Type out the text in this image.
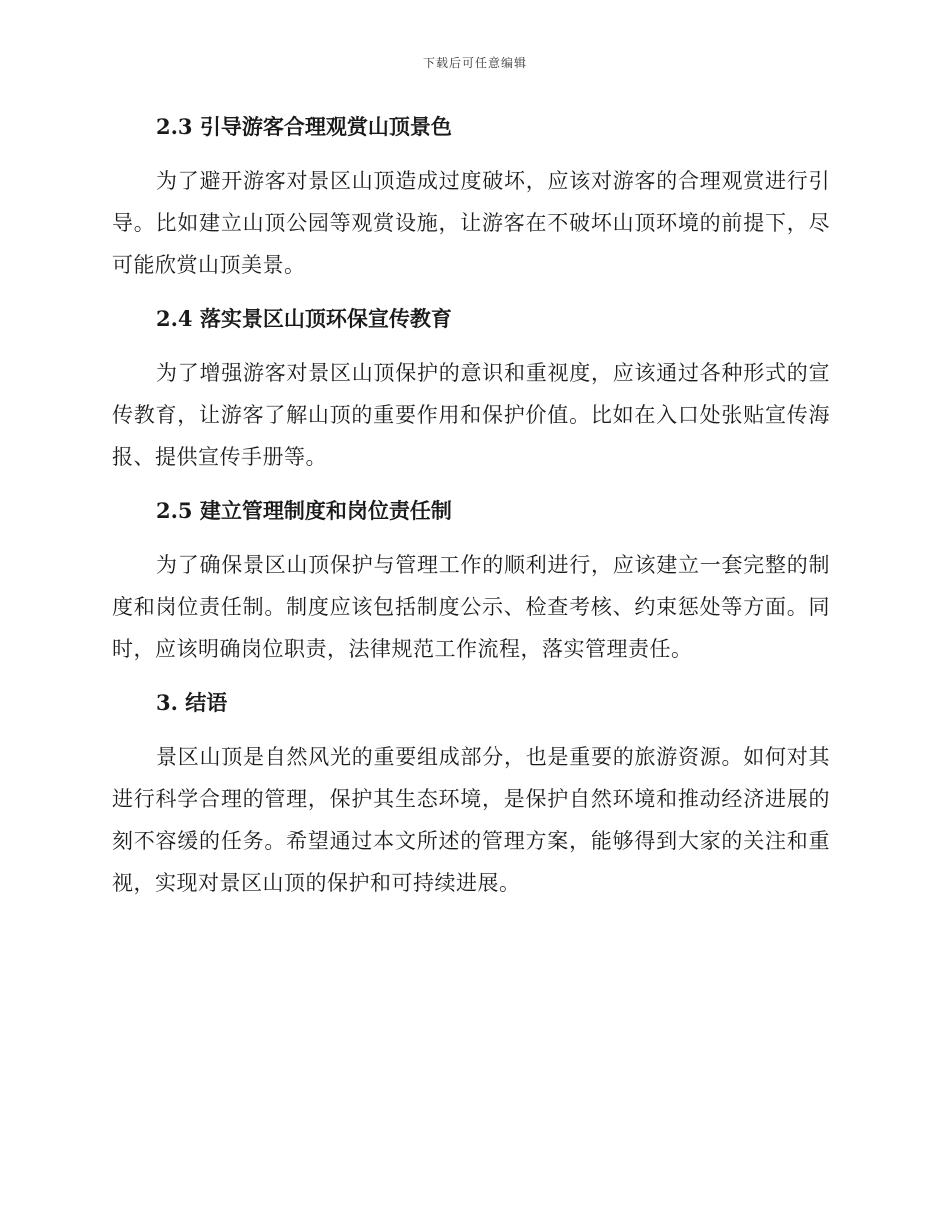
下载后可任意编辑
2.3 引导游客合理观赏山顶景色

为了避开游客对景区山顶造成过度破坏，应该对游客的合理观赏进行引导。比如建立山顶公园等观赏设施，让游客在不破坏山顶环境的前提下，尽可能欣赏山顶美景。

2.4 落实景区山顶环保宣传教育

为了增强游客对景区山顶保护的意识和重视度，应该通过各种形式的宣传教育，让游客了解山顶的重要作用和保护价值。比如在入口处张贴宣传海报、提供宣传手册等。

2.5 建立管理制度和岗位责任制

为了确保景区山顶保护与管理工作的顺利进行，应该建立一套完整的制度和岗位责任制。制度应该包括制度公示、检查考核、约束惩处等方面。同时，应该明确岗位职责，法律规范工作流程，落实管理责任。

3. 结语

景区山顶是自然风光的重要组成部分，也是重要的旅游资源。如何对其进行科学合理的管理，保护其生态环境，是保护自然环境和推动经济进展的刻不容缓的任务。希望通过本文所述的管理方案，能够得到大家的关注和重视，实现对景区山顶的保护和可持续进展。
